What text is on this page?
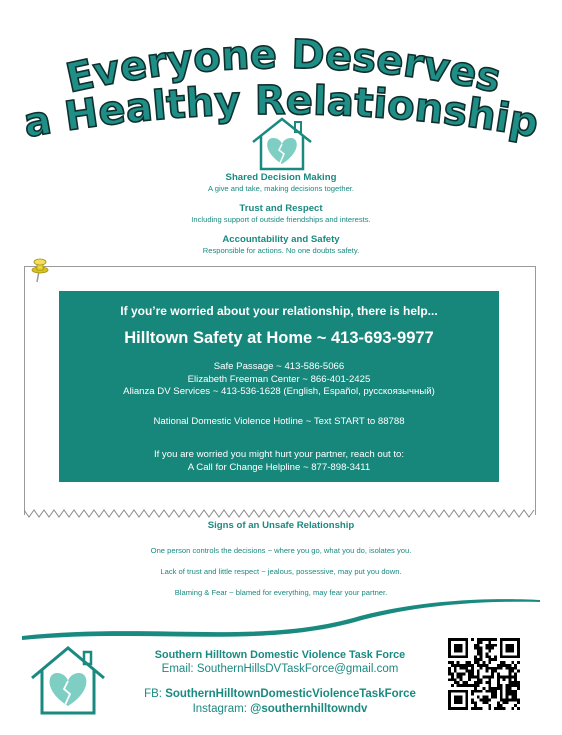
Everyone Deserves
a Healthy Relationship
Shared Decision Making
A give and take, making decisions together.
Trust and Respect
Including support of outside friendships and interests.
Accountability and Safety
Responsible for actions. No one doubts safety.
If you’re worried about your relationship, there is help...
Hilltown Safety at Home ~ 413-693-9977
Safe Passage ~ 413-586-5066
Elizabeth Freeman Center ~ 866-401-2425
Alianza DV Services ~ 413-536-1628 (English, Español, русскоязычный)
National Domestic Violence Hotline ~ Text START to 88788
If you are worried you might hurt your partner, reach out to:
A Call for Change Helpline ~ 877-898-3411
Signs of an Unsafe Relationship
One person controls the decisions ~ where you go, what you do, isolates you.
Lack of trust and little respect ~ jealous, possessive, may put you down.
Blaming & Fear ~ blamed for everything, may fear your partner.
Southern Hilltown Domestic Violence Task Force
Email: SouthernHillsDVTaskForce@gmail.com
FB: SouthernHilltownDomesticViolenceTaskForce
Instagram: @southernhilltowndv
